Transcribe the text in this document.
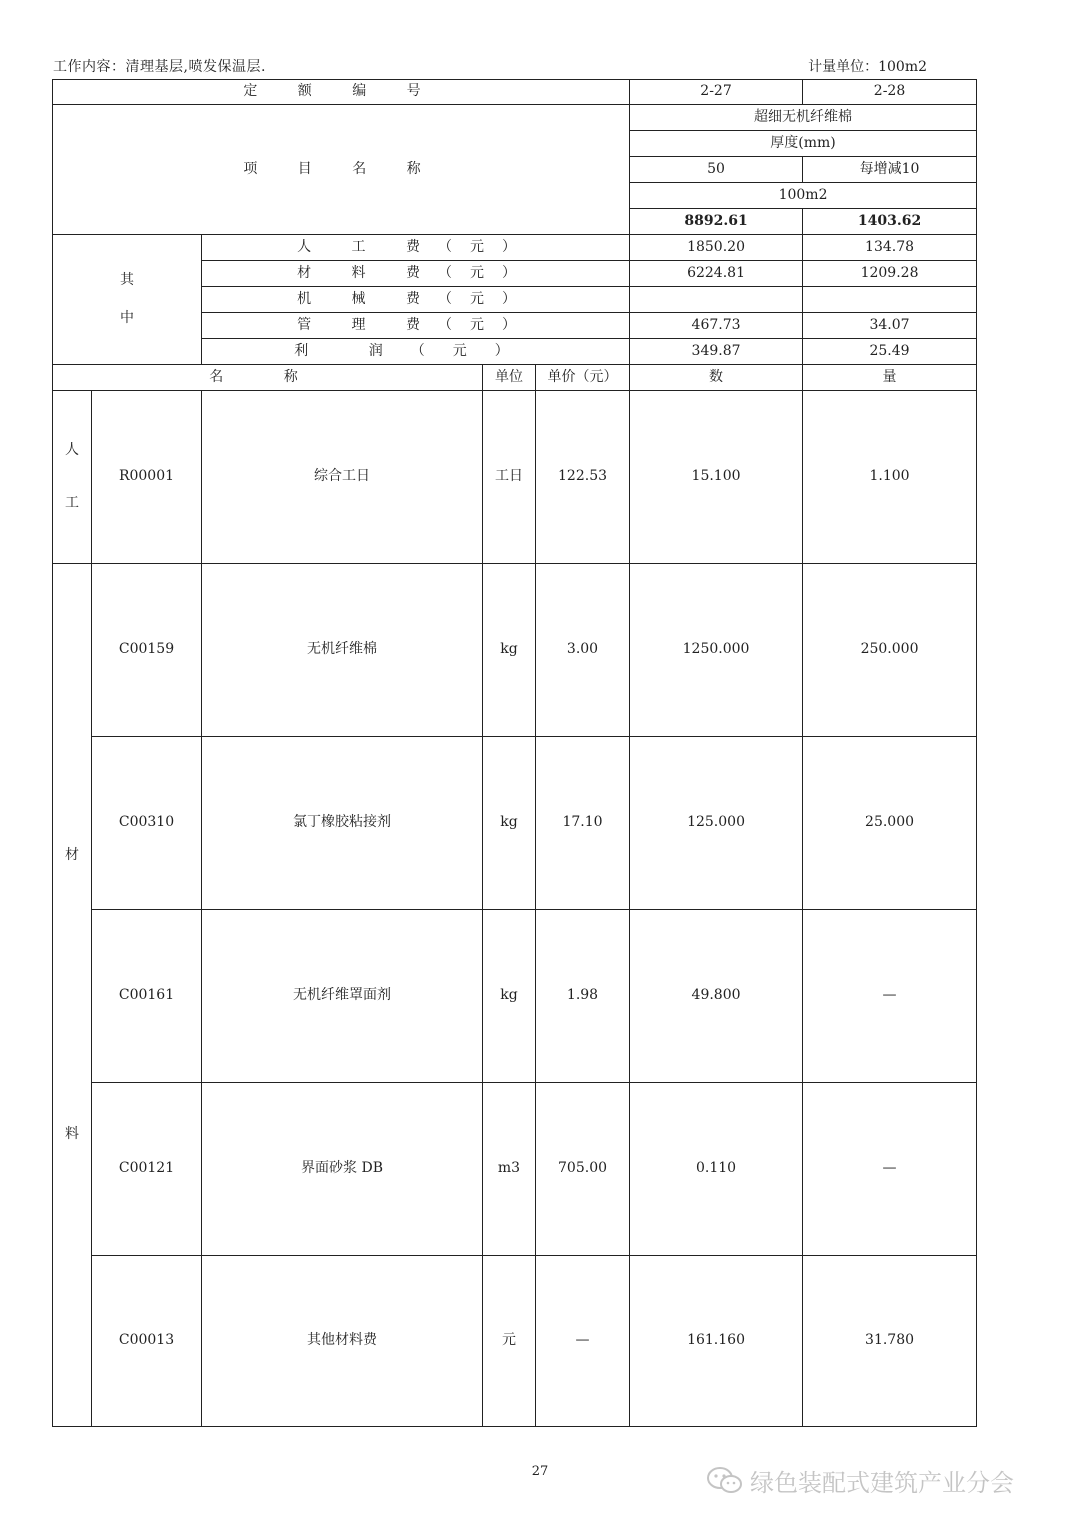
工作内容：清理基层,喷发保温层.	计量单位：100m2
定 额 编 号					2-27	2-28
项 目 名 称					超细无机纤维棉	
					厚度(mm)	
					50	每增减10
					100m2	
					8892.61	1403.62

其
中		人 工 费（元）			1850.20	134.78
		材 料 费（元）			6224.81	1209.28
		机 械 费（元）				
		管 理 费（元）			467.73	34.07
		利 润（元）			349.87	25.49
名 称			单位	单价（元）	数	量

人
工	R00001	综合工日	工日	122.53	15.100	1.100

材
料	C00159	无机纤维棉	kg	3.00	1250.000	250.000
	C00310	氯丁橡胶粘接剂	kg	17.10	125.000	25.000
	C00161	无机纤维罩面剂	kg	1.98	49.800	—
	C00121	界面砂浆 DB	m3	705.00	0.110	—
	C00013	其他材料费	元	—	161.160	31.780
27	绿色装配式建筑产业分会
